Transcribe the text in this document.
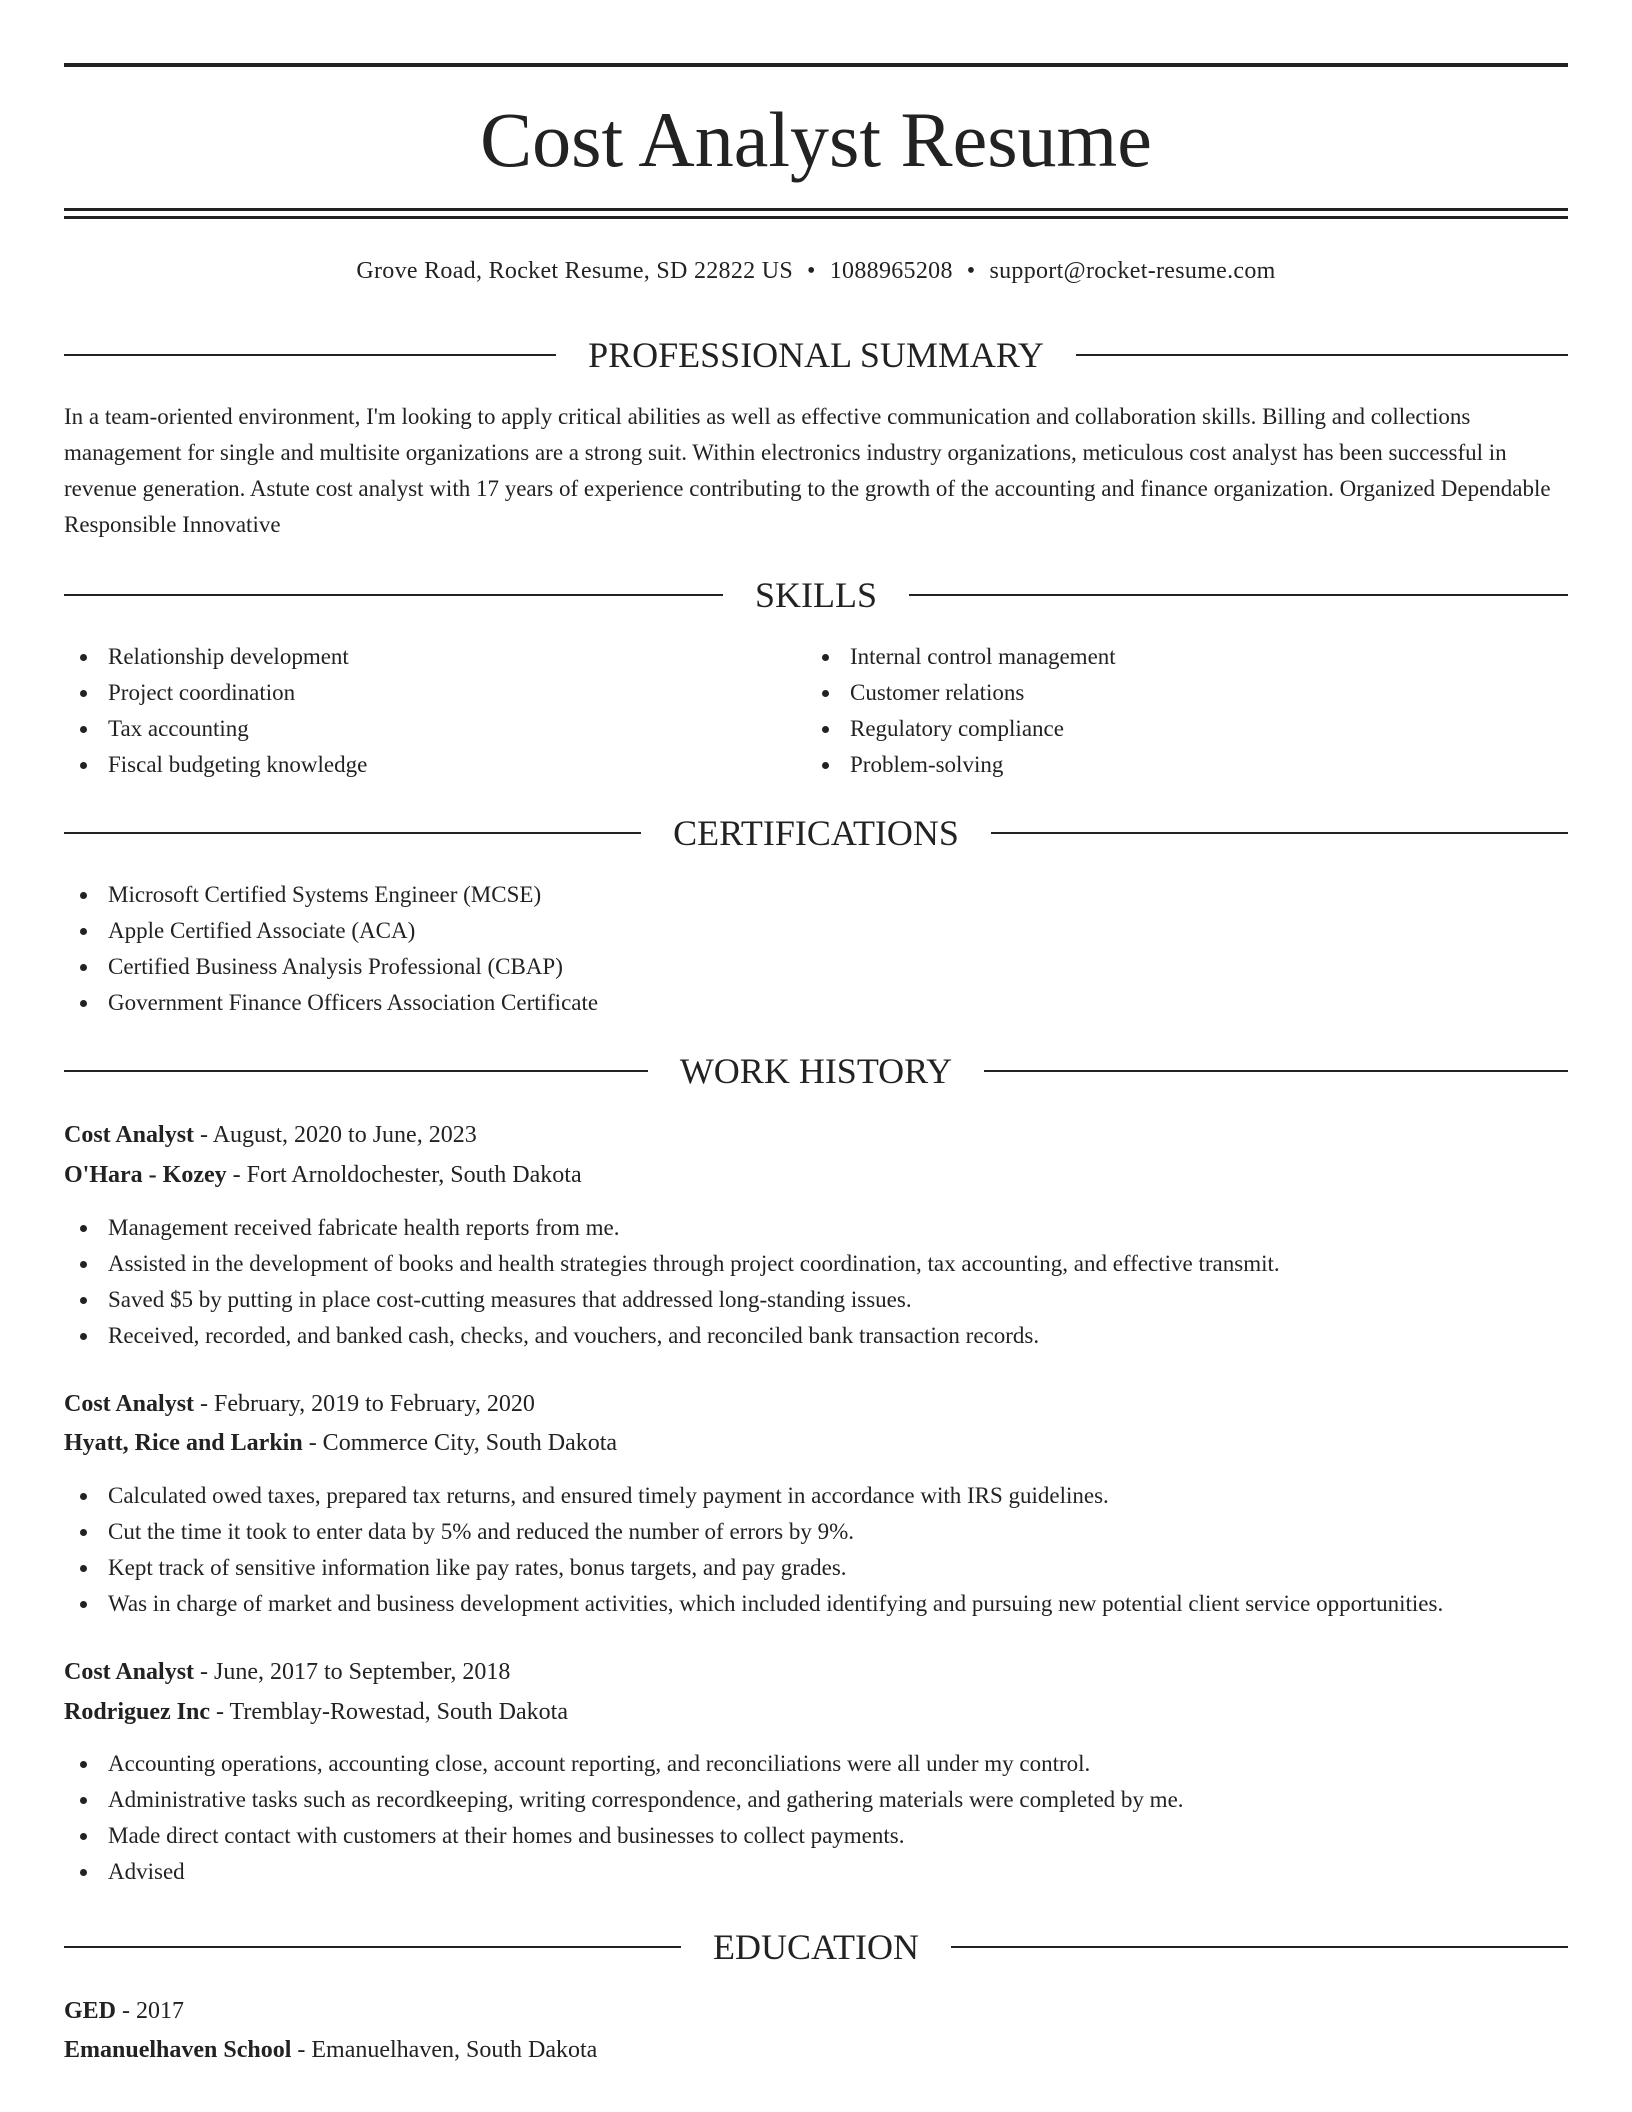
Cost Analyst Resume
Grove Road, Rocket Resume, SD 22822 US • 1088965208 • support@rocket-resume.com
PROFESSIONAL SUMMARY

In a team-oriented environment, I'm looking to apply critical abilities as well as effective communication and collaboration skills. Billing and collections management for single and multisite organizations are a strong suit. Within electronics industry organizations, meticulous cost analyst has been successful in revenue generation. Astute cost analyst with 17 years of experience contributing to the growth of the accounting and finance organization. Organized Dependable Responsible Innovative

SKILLS
Relationship development
Project coordination
Tax accounting
Fiscal budgeting knowledge
Internal control management
Customer relations
Regulatory compliance
Problem-solving
CERTIFICATIONS
Microsoft Certified Systems Engineer (MCSE)
Apple Certified Associate (ACA)
Certified Business Analysis Professional (CBAP)
Government Finance Officers Association Certificate
WORK HISTORY
Cost Analyst - August, 2020 to June, 2023
O'Hara - Kozey - Fort Arnoldochester, South Dakota
Management received fabricate health reports from me.
Assisted in the development of books and health strategies through project coordination, tax accounting, and effective transmit.
Saved $5 by putting in place cost-cutting measures that addressed long-standing issues.
Received, recorded, and banked cash, checks, and vouchers, and reconciled bank transaction records.
Cost Analyst - February, 2019 to February, 2020
Hyatt, Rice and Larkin - Commerce City, South Dakota
Calculated owed taxes, prepared tax returns, and ensured timely payment in accordance with IRS guidelines.
Cut the time it took to enter data by 5% and reduced the number of errors by 9%.
Kept track of sensitive information like pay rates, bonus targets, and pay grades.
Was in charge of market and business development activities, which included identifying and pursuing new potential client service opportunities.
Cost Analyst - June, 2017 to September, 2018
Rodriguez Inc - Tremblay-Rowestad, South Dakota
Accounting operations, accounting close, account reporting, and reconciliations were all under my control.
Administrative tasks such as recordkeeping, writing correspondence, and gathering materials were completed by me.
Made direct contact with customers at their homes and businesses to collect payments.
Advised
EDUCATION
GED - 2017
Emanuelhaven School - Emanuelhaven, South Dakota
